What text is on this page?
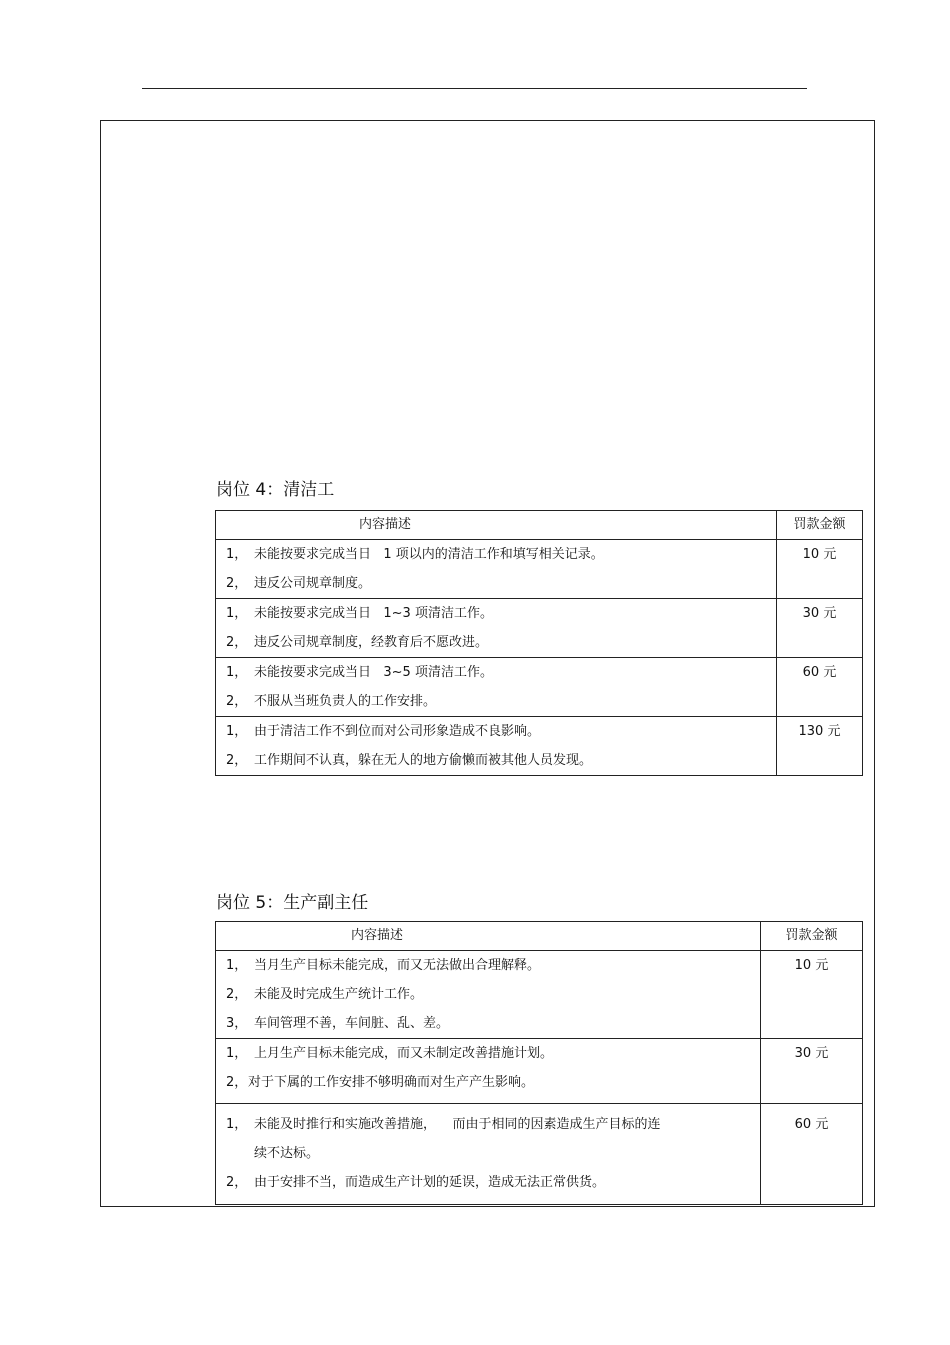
岗位 4：清洁工
内容描述	罚款金额

1， 未能按要求完成当日   1 项以内的清洁工作和填写相关记录。
2， 违反公司规章制度。	10 元

1， 未能按要求完成当日   1~3 项清洁工作。
2， 违反公司规章制度，经教育后不愿改进。	30 元

1， 未能按要求完成当日   3~5 项清洁工作。
2， 不服从当班负责人的工作安排。	60 元

1， 由于清洁工作不到位而对公司形象造成不良影响。
2， 工作期间不认真，躲在无人的地方偷懒而被其他人员发现。	130 元
岗位 5：生产副主任
内容描述	罚款金额

1， 当月生产目标未能完成，而又无法做出合理解释。
2， 未能及时完成生产统计工作。
3， 车间管理不善，车间脏、乱、差。	10 元

1， 上月生产目标未能完成，而又未制定改善措施计划。
2，对于下属的工作安排不够明确而对生产产生影响。	30 元

1， 未能及时推行和实施改善措施，    而由于相同的因素造成生产目标的连
续不达标。
2， 由于安排不当，而造成生产计划的延误，造成无法正常供货。	60 元
